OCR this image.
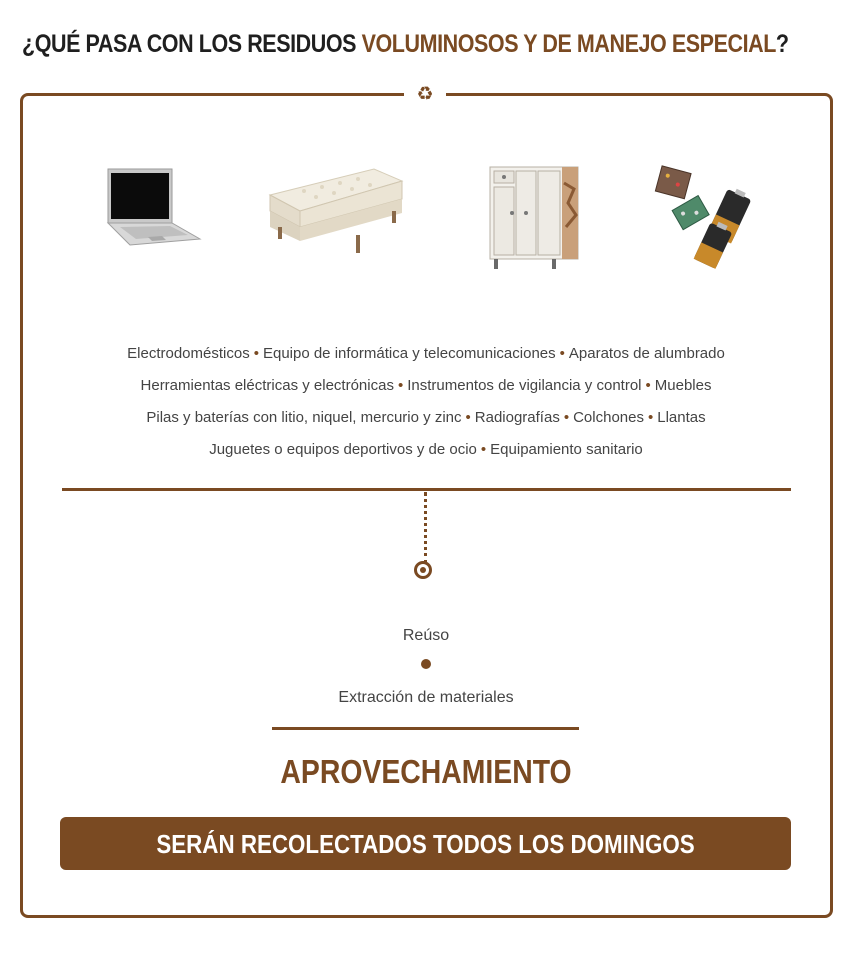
¿QUÉ PASA CON LOS RESIDUOS VOLUMINOSOS Y DE MANEJO ESPECIAL?
♻
Electrodomésticos • Equipo de informática y telecomunicaciones • Aparatos de alumbrado
Herramientas eléctricas y electrónicas • Instrumentos de vigilancia y control • Muebles
Pilas y baterías con litio, niquel, mercurio y zinc • Radiografías • Colchones • Llantas
Juguetes o equipos deportivos y de ocio • Equipamiento sanitario
Reúso
Extracción de materiales
APROVECHAMIENTO
SERÁN RECOLECTADOS TODOS LOS DOMINGOS
